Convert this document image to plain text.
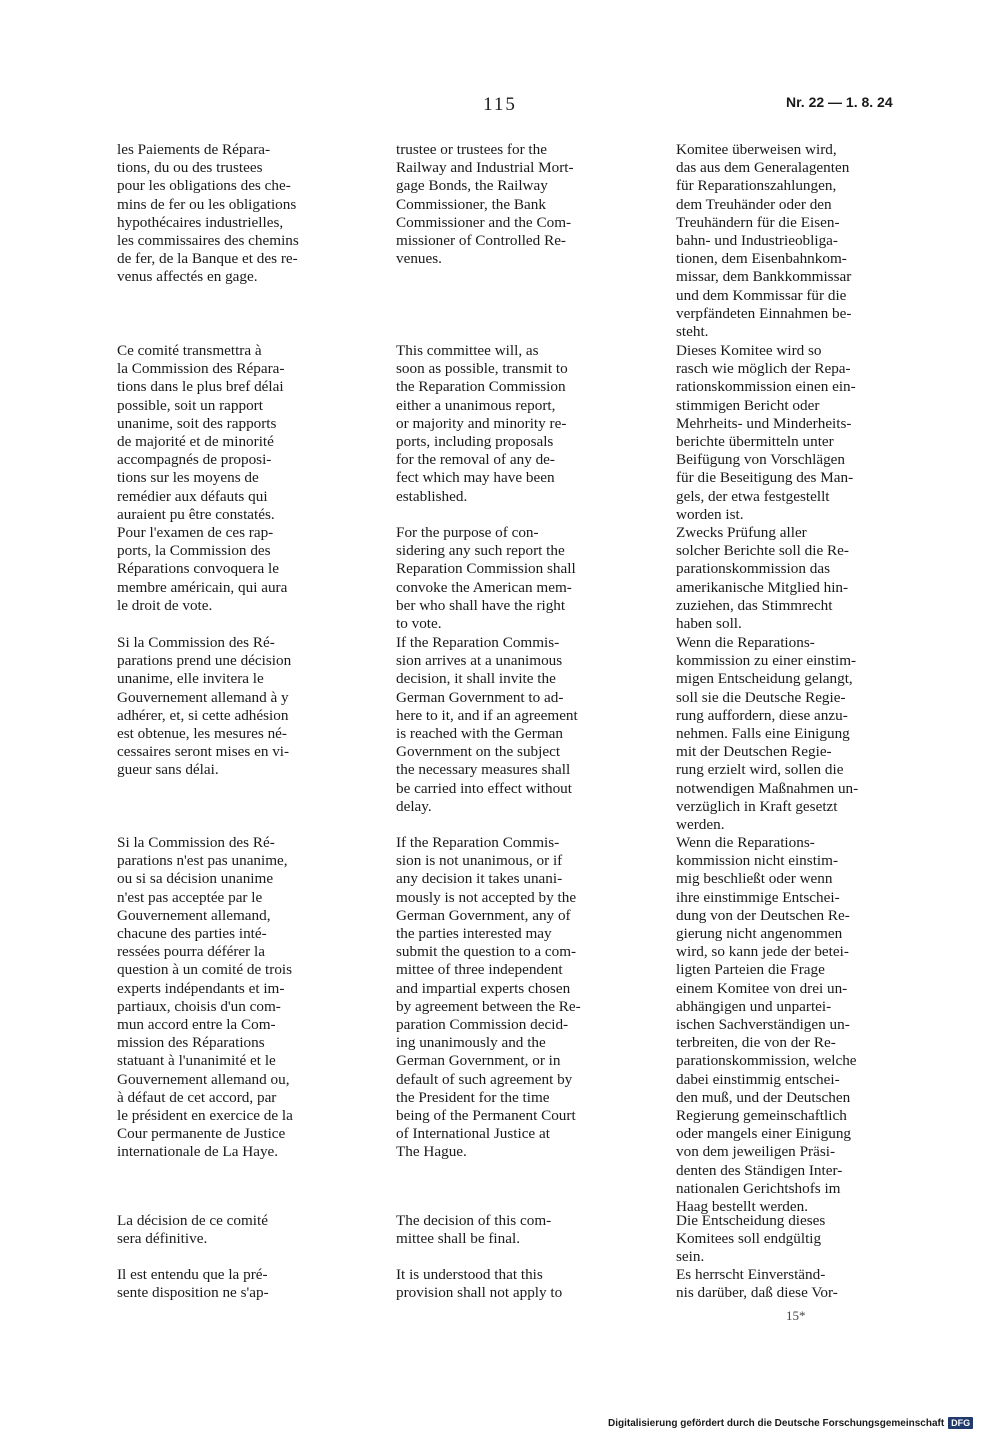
115	Nr. 22 — 1. 8. 24

les Paiements de Répara-
tions, du ou des trustees
pour les obligations des che-
mins de fer ou les obligations
hypothécaires industrielles,
les commissaires des chemins
de fer, de la Banque et des re-
venus affectés en gage.

trustee or trustees for the
Railway and Industrial Mort-
gage Bonds, the Railway
Commissioner, the Bank
Commissioner and the Com-
missioner of Controlled Re-
venues.

Komitee überweisen wird,
das aus dem Generalagenten
für Reparationszahlungen,
dem Treuhänder oder den
Treuhändern für die Eisen-
bahn- und Industrieobliga-
tionen, dem Eisenbahnkom-
missar, dem Bankkommissar
und dem Kommissar für die
verpfändeten Einnahmen be-
steht.

Ce comité transmettra à
la Commission des Répara-
tions dans le plus bref délai
possible, soit un rapport
unanime, soit des rapports
de majorité et de minorité
accompagnés de proposi-
tions sur les moyens de
remédier aux défauts qui
auraient pu être constatés.

This committee will, as
soon as possible, transmit to
the Reparation Commission
either a unanimous report,
or majority and minority re-
ports, including proposals
for the removal of any de-
fect which may have been
established.

Dieses Komitee wird so
rasch wie möglich der Repa-
rationskommission einen ein-
stimmigen Bericht oder
Mehrheits- und Minderheits-
berichte übermitteln unter
Beifügung von Vorschlägen
für die Beseitigung des Man-
gels, der etwa festgestellt
worden ist.

Pour l'examen de ces rap-
ports, la Commission des
Réparations convoquera le
membre américain, qui aura
le droit de vote.

For the purpose of con-
sidering any such report the
Reparation Commission shall
convoke the American mem-
ber who shall have the right
to vote.

Zwecks Prüfung aller
solcher Berichte soll die Re-
parationskommission das
amerikanische Mitglied hin-
zuziehen, das Stimmrecht
haben soll.

Si la Commission des Ré-
parations prend une décision
unanime, elle invitera le
Gouvernement allemand à y
adhérer, et, si cette adhésion
est obtenue, les mesures né-
cessaires seront mises en vi-
gueur sans délai.

If the Reparation Commis-
sion arrives at a unanimous
decision, it shall invite the
German Government to ad-
here to it, and if an agreement
is reached with the German
Government on the subject
the necessary measures shall
be carried into effect without
delay.

Wenn die Reparations-
kommission zu einer einstim-
migen Entscheidung gelangt,
soll sie die Deutsche Regie-
rung auffordern, diese anzu-
nehmen. Falls eine Einigung
mit der Deutschen Regie-
rung erzielt wird, sollen die
notwendigen Maßnahmen un-
verzüglich in Kraft gesetzt
werden.

Si la Commission des Ré-
parations n'est pas unanime,
ou si sa décision unanime
n'est pas acceptée par le
Gouvernement allemand,
chacune des parties inté-
ressées pourra déférer la
question à un comité de trois
experts indépendants et im-
partiaux, choisis d'un com-
mun accord entre la Com-
mission des Réparations
statuant à l'unanimité et le
Gouvernement allemand ou,
à défaut de cet accord, par
le président en exercice de la
Cour permanente de Justice
internationale de La Haye.

If the Reparation Commis-
sion is not unanimous, or if
any decision it takes unani-
mously is not accepted by the
German Government, any of
the parties interested may
submit the question to a com-
mittee of three independent
and impartial experts chosen
by agreement between the Re-
paration Commission decid-
ing unanimously and the
German Government, or in
default of such agreement by
the President for the time
being of the Permanent Court
of International Justice at
The Hague.

Wenn die Reparations-
kommission nicht einstim-
mig beschließt oder wenn
ihre einstimmige Entschei-
dung von der Deutschen Re-
gierung nicht angenommen
wird, so kann jede der betei-
ligten Parteien die Frage
einem Komitee von drei un-
abhängigen und unpartei-
ischen Sachverständigen un-
terbreiten, die von der Re-
parationskommission, welche
dabei einstimmig entschei-
den muß, und der Deutschen
Regierung gemeinschaftlich
oder mangels einer Einigung
von dem jeweiligen Präsi-
denten des Ständigen Inter-
nationalen Gerichtshofs im
Haag bestellt werden.

La décision de ce comité
sera définitive.

The decision of this com-
mittee shall be final.

Die Entscheidung dieses
Komitees soll endgültig
sein.

Il est entendu que la pré-
sente disposition ne s'ap-

It is understood that this
provision shall not apply to

Es herrscht Einverständ-
nis darüber, daß diese Vor-

15*
Digitalisierung gefördert durch die Deutsche Forschungsgemeinschaft DFG
